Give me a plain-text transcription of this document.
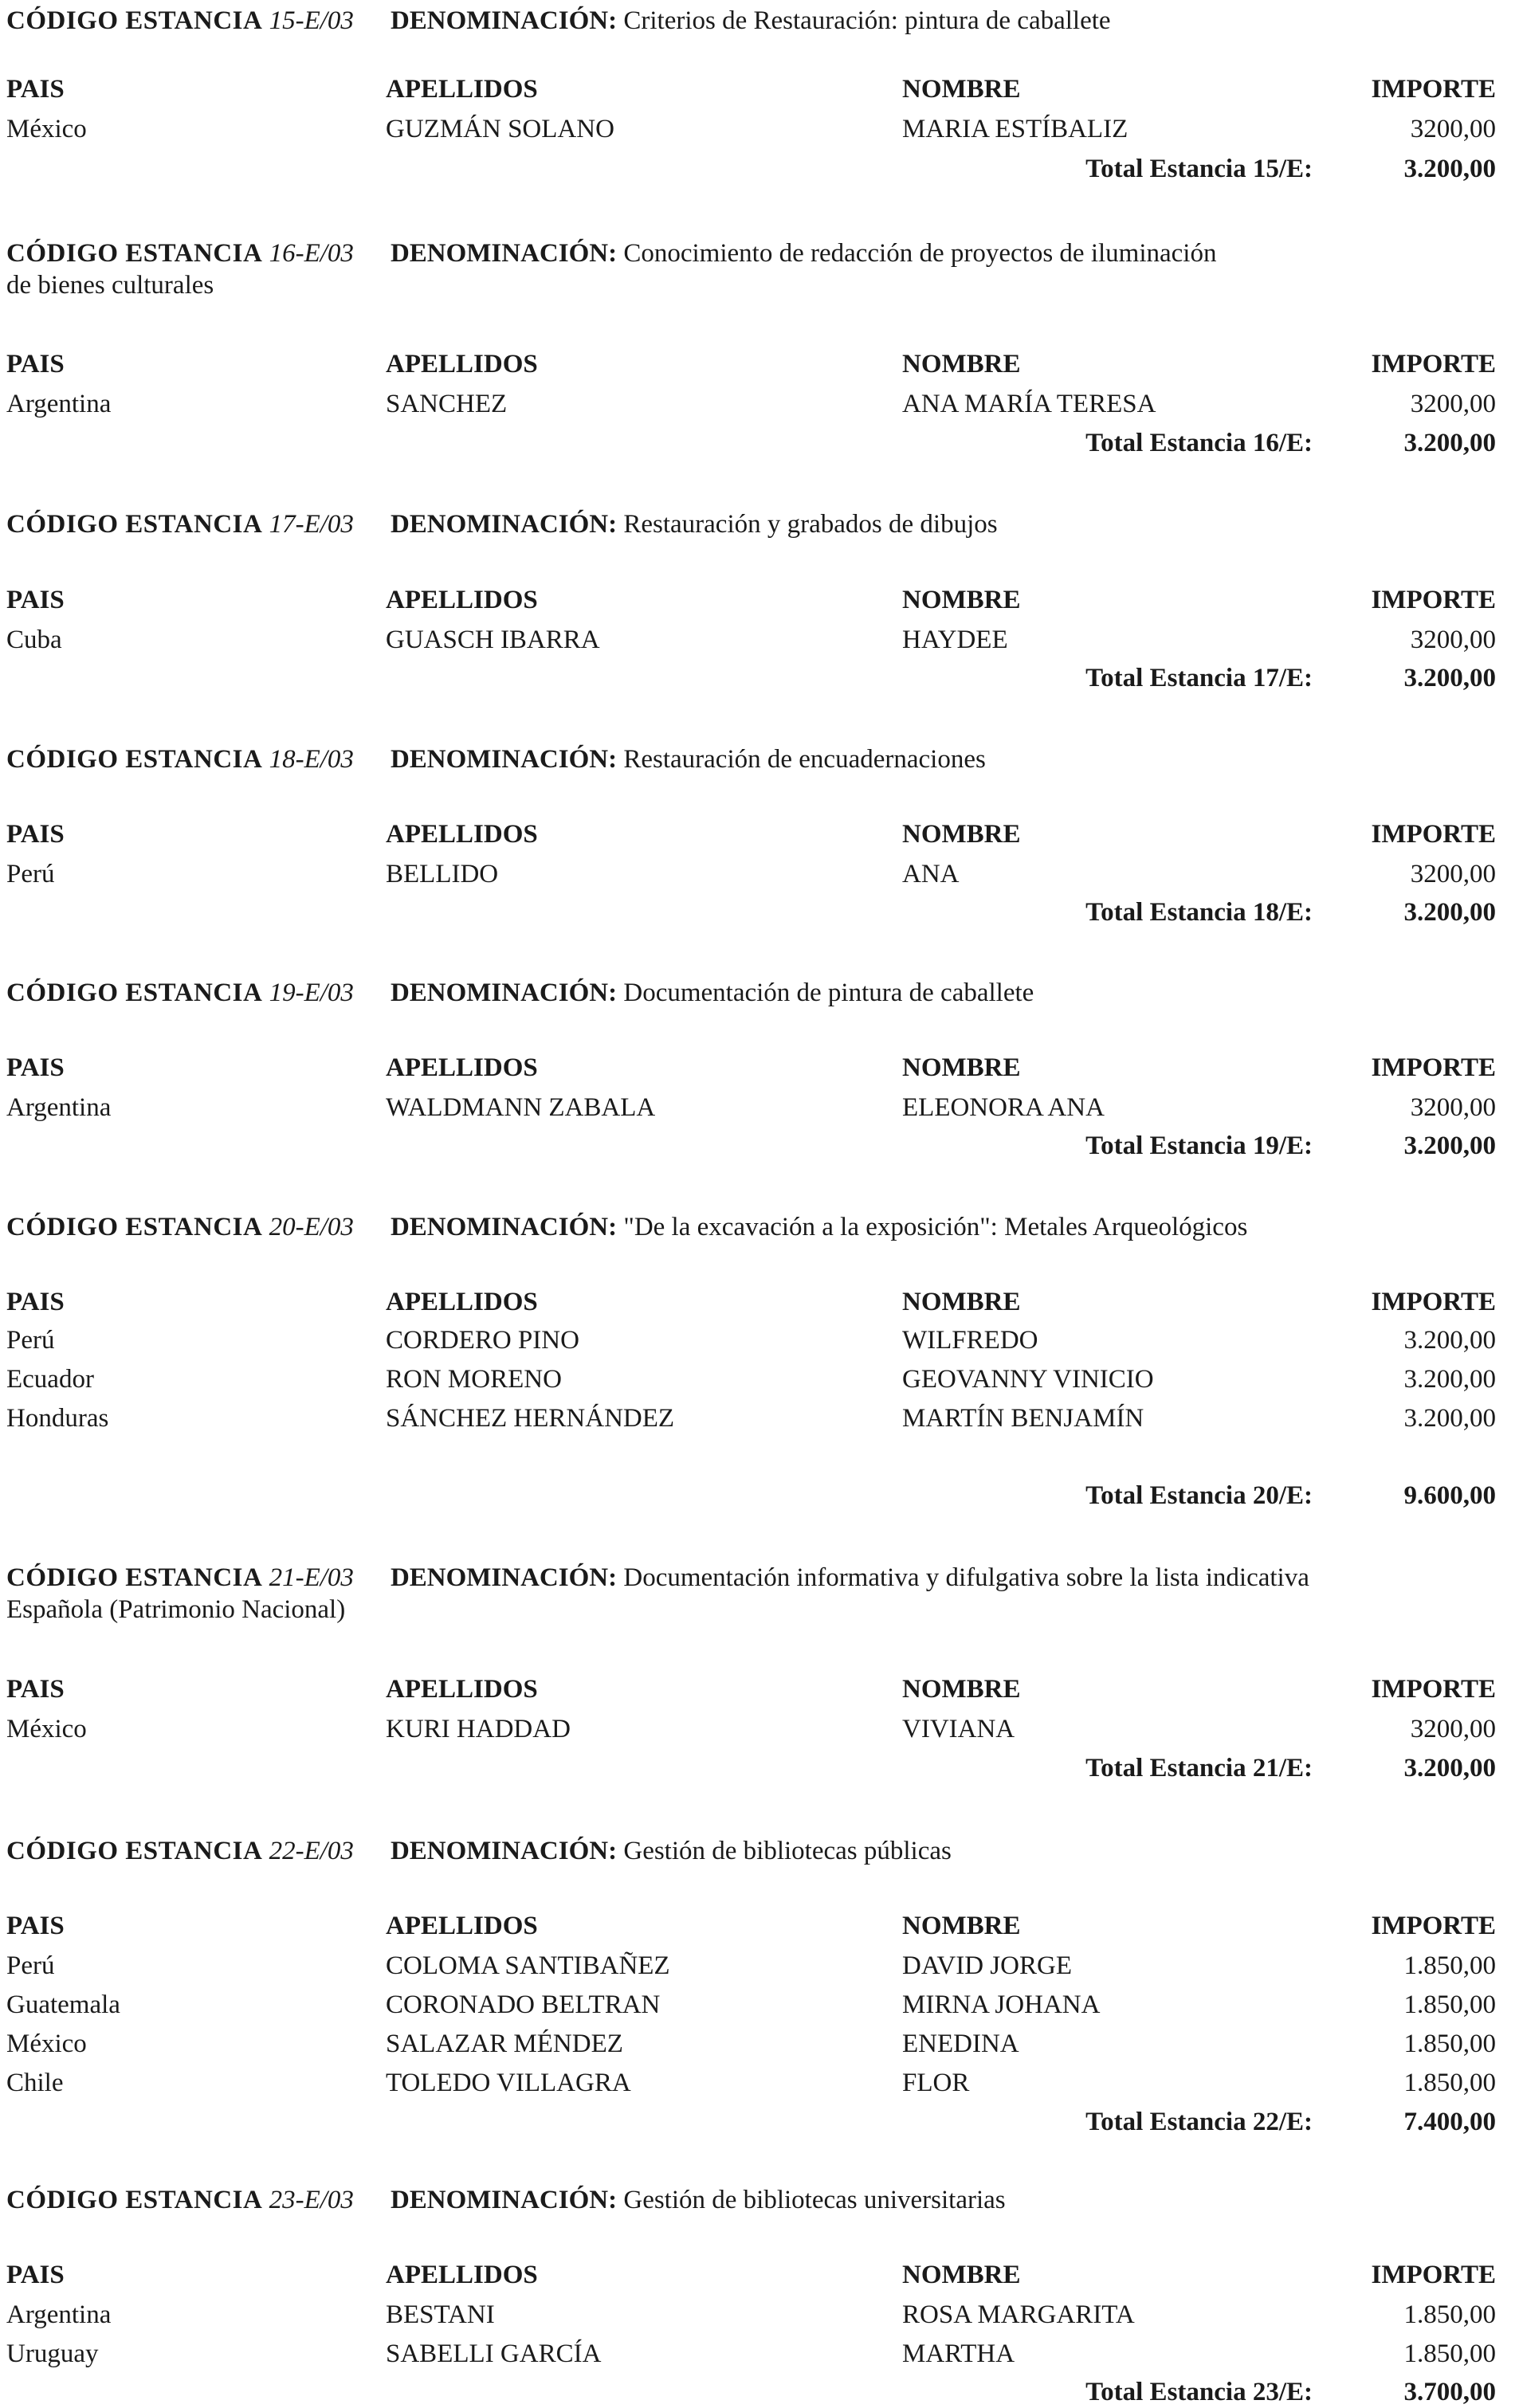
CÓDIGO ESTANCIA 15-E/03 DENOMINACIÓN: Criterios de Restauración: pintura de caballete
PAIS	APELLIDOS	NOMBRE	IMPORTE
México	GUZMÁN SOLANO	MARIA ESTÍBALIZ	3200,00
Total Estancia 15/E:	3.200,00
CÓDIGO ESTANCIA 16-E/03 DENOMINACIÓN: Conocimiento de redacción de proyectos de iluminación
de bienes culturales
PAIS	APELLIDOS	NOMBRE	IMPORTE
Argentina	SANCHEZ	ANA MARÍA TERESA	3200,00
Total Estancia 16/E:	3.200,00
CÓDIGO ESTANCIA 17-E/03 DENOMINACIÓN: Restauración y grabados de dibujos
PAIS	APELLIDOS	NOMBRE	IMPORTE
Cuba	GUASCH IBARRA	HAYDEE	3200,00
Total Estancia 17/E:	3.200,00
CÓDIGO ESTANCIA 18-E/03 DENOMINACIÓN: Restauración de encuadernaciones
PAIS	APELLIDOS	NOMBRE	IMPORTE
Perú	BELLIDO	ANA	3200,00
Total Estancia 18/E:	3.200,00
CÓDIGO ESTANCIA 19-E/03 DENOMINACIÓN: Documentación de pintura de caballete
PAIS	APELLIDOS	NOMBRE	IMPORTE
Argentina	WALDMANN ZABALA	ELEONORA ANA	3200,00
Total Estancia 19/E:	3.200,00
CÓDIGO ESTANCIA 20-E/03 DENOMINACIÓN: "De la excavación a la exposición": Metales Arqueológicos
PAIS	APELLIDOS	NOMBRE	IMPORTE
Perú	CORDERO PINO	WILFREDO	3.200,00
Ecuador	RON MORENO	GEOVANNY VINICIO	3.200,00
Honduras	SÁNCHEZ HERNÁNDEZ	MARTÍN BENJAMÍN	3.200,00
Total Estancia 20/E:	9.600,00
CÓDIGO ESTANCIA 21-E/03 DENOMINACIÓN: Documentación informativa y difulgativa sobre la lista indicativa
Española (Patrimonio Nacional)
PAIS	APELLIDOS	NOMBRE	IMPORTE
México	KURI HADDAD	VIVIANA	3200,00
Total Estancia 21/E:	3.200,00
CÓDIGO ESTANCIA 22-E/03 DENOMINACIÓN: Gestión de bibliotecas públicas
PAIS	APELLIDOS	NOMBRE	IMPORTE
Perú	COLOMA SANTIBAÑEZ	DAVID JORGE	1.850,00
Guatemala	CORONADO BELTRAN	MIRNA JOHANA	1.850,00
México	SALAZAR MÉNDEZ	ENEDINA	1.850,00
Chile	TOLEDO VILLAGRA	FLOR	1.850,00
Total Estancia 22/E:	7.400,00
CÓDIGO ESTANCIA 23-E/03 DENOMINACIÓN: Gestión de bibliotecas universitarias
PAIS	APELLIDOS	NOMBRE	IMPORTE
Argentina	BESTANI	ROSA MARGARITA	1.850,00
Uruguay	SABELLI GARCÍA	MARTHA	1.850,00
Total Estancia 23/E:	3.700,00
